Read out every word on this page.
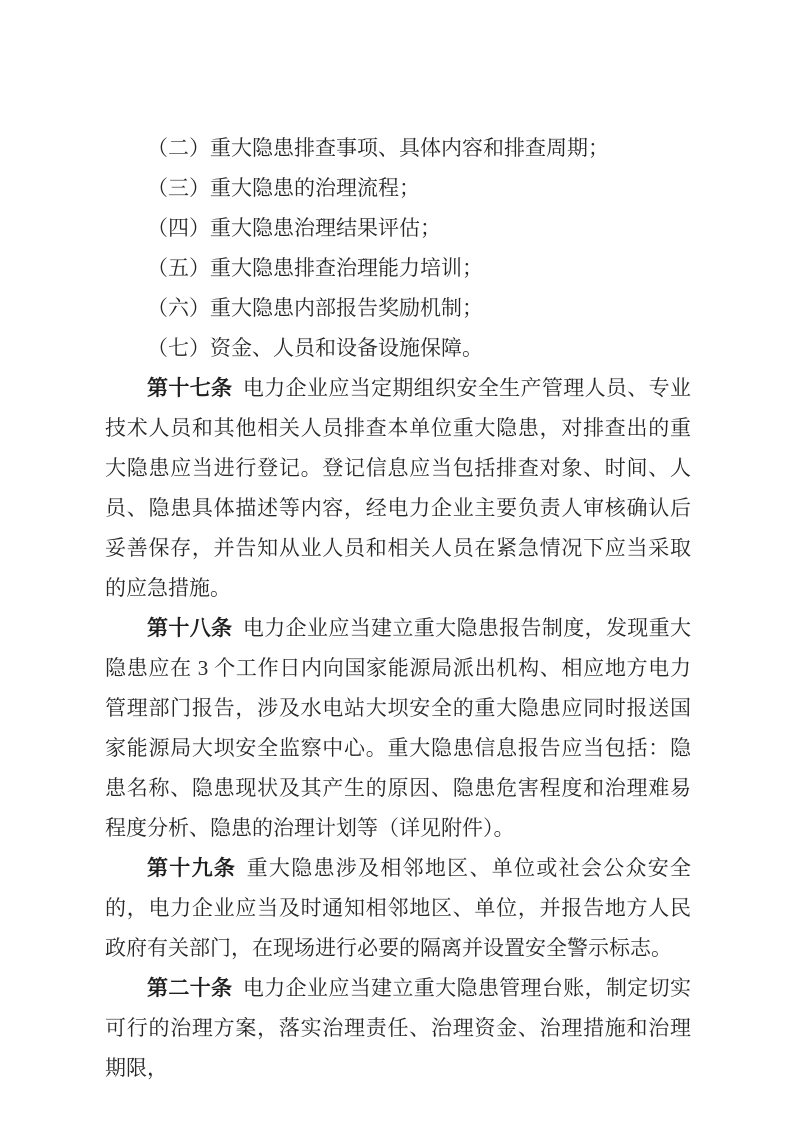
（二）重大隐患排查事项、具体内容和排查周期；

（三）重大隐患的治理流程；

（四）重大隐患治理结果评估；

（五）重大隐患排查治理能力培训；

（六）重大隐患内部报告奖励机制；

（七）资金、人员和设备设施保障。

第十七条 电力企业应当定期组织安全生产管理人员、专业技术人员和其他相关人员排查本单位重大隐患，对排查出的重大隐患应当进行登记。登记信息应当包括排查对象、时间、人员、隐患具体描述等内容，经电力企业主要负责人审核确认后妥善保存，并告知从业人员和相关人员在紧急情况下应当采取的应急措施。

第十八条 电力企业应当建立重大隐患报告制度，发现重大隐患应在 3 个工作日内向国家能源局派出机构、相应地方电力管理部门报告，涉及水电站大坝安全的重大隐患应同时报送国家能源局大坝安全监察中心。重大隐患信息报告应当包括：隐患名称、隐患现状及其产生的原因、隐患危害程度和治理难易程度分析、隐患的治理计划等（详见附件）。

第十九条 重大隐患涉及相邻地区、单位或社会公众安全的，电力企业应当及时通知相邻地区、单位，并报告地方人民政府有关部门，在现场进行必要的隔离并设置安全警示标志。

第二十条 电力企业应当建立重大隐患管理台账，制定切实可行的治理方案，落实治理责任、治理资金、治理措施和治理期限，
